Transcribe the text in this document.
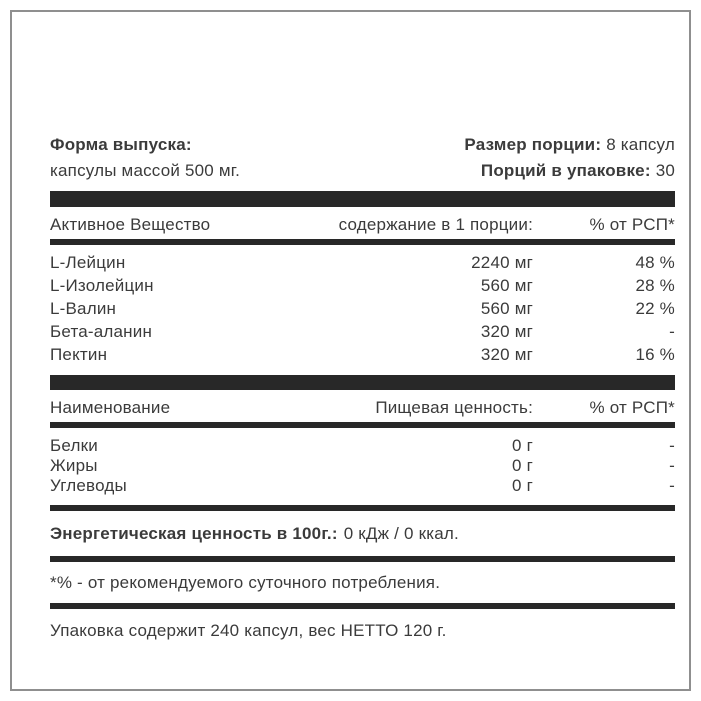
Форма выпуска:
капсулы массой 500 мг.
Размер порции: 8 капсул
Порций в упаковке: 30
Активное Вещество	содержание в 1 порции:	% от РСП*
L-Лейцин	2240 мг	48 %
L-Изолейцин	560 мг	28 %
L-Валин	560 мг	22 %
Бета-аланин	320 мг	-
Пектин	320 мг	16 %
Наименование	Пищевая ценность:	% от РСП*
Белки	0 г	-
Жиры	0 г	-
Углеводы	0 г	-
Энергетическая ценность в 100г.: 0 кДж / 0 ккал.
*% - от рекомендуемого суточного потребления.
Упаковка содержит 240 капсул, вес НЕТТО 120 г.
